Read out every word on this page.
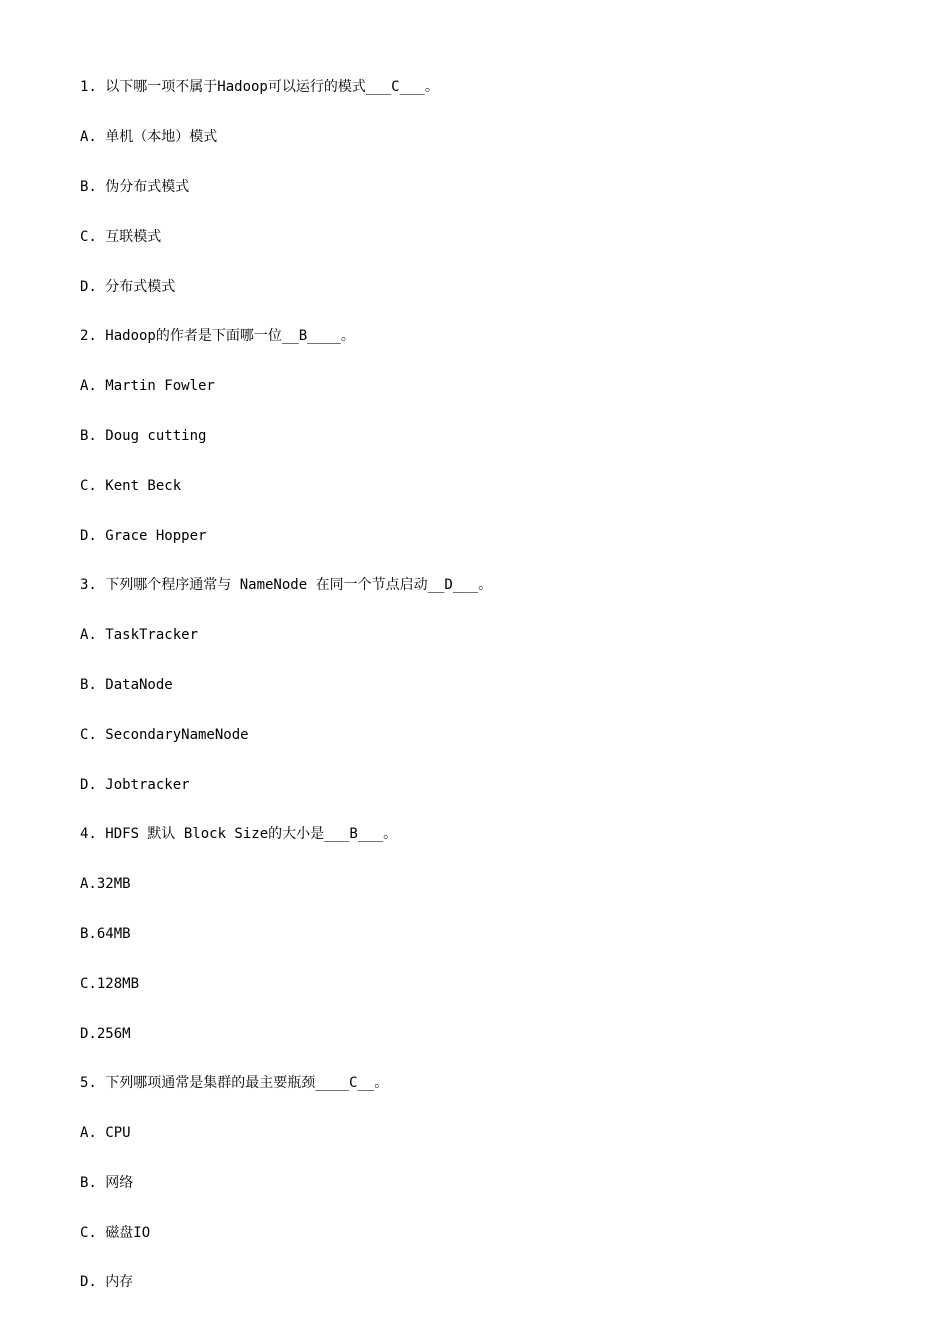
1. 以下哪一项不属于Hadoop可以运行的模式___C___。
A. 单机（本地）模式
B. 伪分布式模式
C. 互联模式
D. 分布式模式
2. Hadoop的作者是下面哪一位__B____。
A. Martin Fowler
B. Doug cutting
C. Kent Beck
D. Grace Hopper
3. 下列哪个程序通常与 NameNode 在同一个节点启动__D___。
A. TaskTracker
B. DataNode
C. SecondaryNameNode
D. Jobtracker
4. HDFS 默认 Block Size的大小是___B___。
A.32MB
B.64MB
C.128MB
D.256M
5. 下列哪项通常是集群的最主要瓶颈____C__。
A. CPU
B. 网络
C. 磁盘IO
D. 内存
